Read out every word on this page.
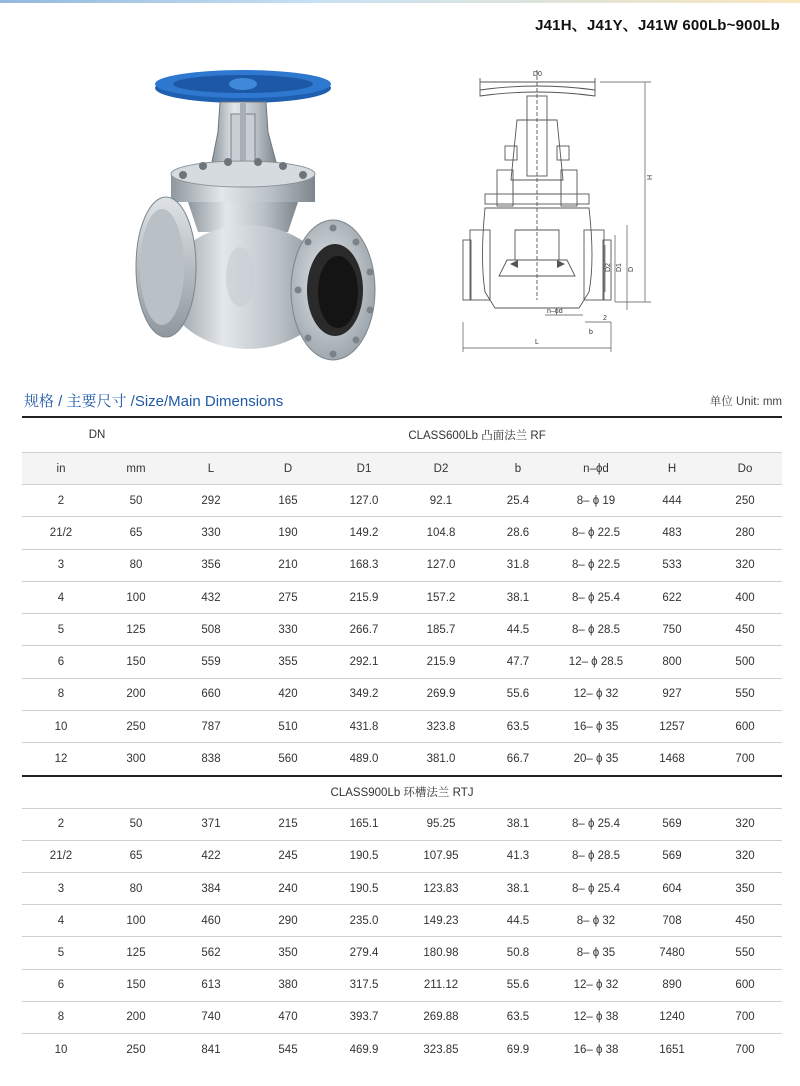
J41H、J41Y、J41W 600Lb~900Lb
D0
H
D2 D1 D
n–ϕd
b
2
L
规格 / 主要尺寸 /Size/Main Dimensions	单位 Unit: mm
DN		CLASS600Lb 凸面法兰 RF							
in	mm	L	D	D1	D2	b	n–ϕd	H	Do
2	50	292	165	127.0	92.1	25.4	8– ϕ 19	444	250
21/2	65	330	190	149.2	104.8	28.6	8– ϕ 22.5	483	280
3	80	356	210	168.3	127.0	31.8	8– ϕ 22.5	533	320
4	100	432	275	215.9	157.2	38.1	8– ϕ 25.4	622	400
5	125	508	330	266.7	185.7	44.5	8– ϕ 28.5	750	450
6	150	559	355	292.1	215.9	47.7	12– ϕ 28.5	800	500
8	200	660	420	349.2	269.9	55.6	12– ϕ 32	927	550
10	250	787	510	431.8	323.8	63.5	16– ϕ 35	1257	600
12	300	838	560	489.0	381.0	66.7	20– ϕ 35	1468	700
CLASS900Lb 环槽法兰 RTJ									
2	50	371	215	165.1	95.25	38.1	8– ϕ 25.4	569	320
21/2	65	422	245	190.5	107.95	41.3	8– ϕ 28.5	569	320
3	80	384	240	190.5	123.83	38.1	8– ϕ 25.4	604	350
4	100	460	290	235.0	149.23	44.5	8– ϕ 32	708	450
5	125	562	350	279.4	180.98	50.8	8– ϕ 35	7480	550
6	150	613	380	317.5	211.12	55.6	12– ϕ 32	890	600
8	200	740	470	393.7	269.88	63.5	12– ϕ 38	1240	700
10	250	841	545	469.9	323.85	69.9	16– ϕ 38	1651	700
